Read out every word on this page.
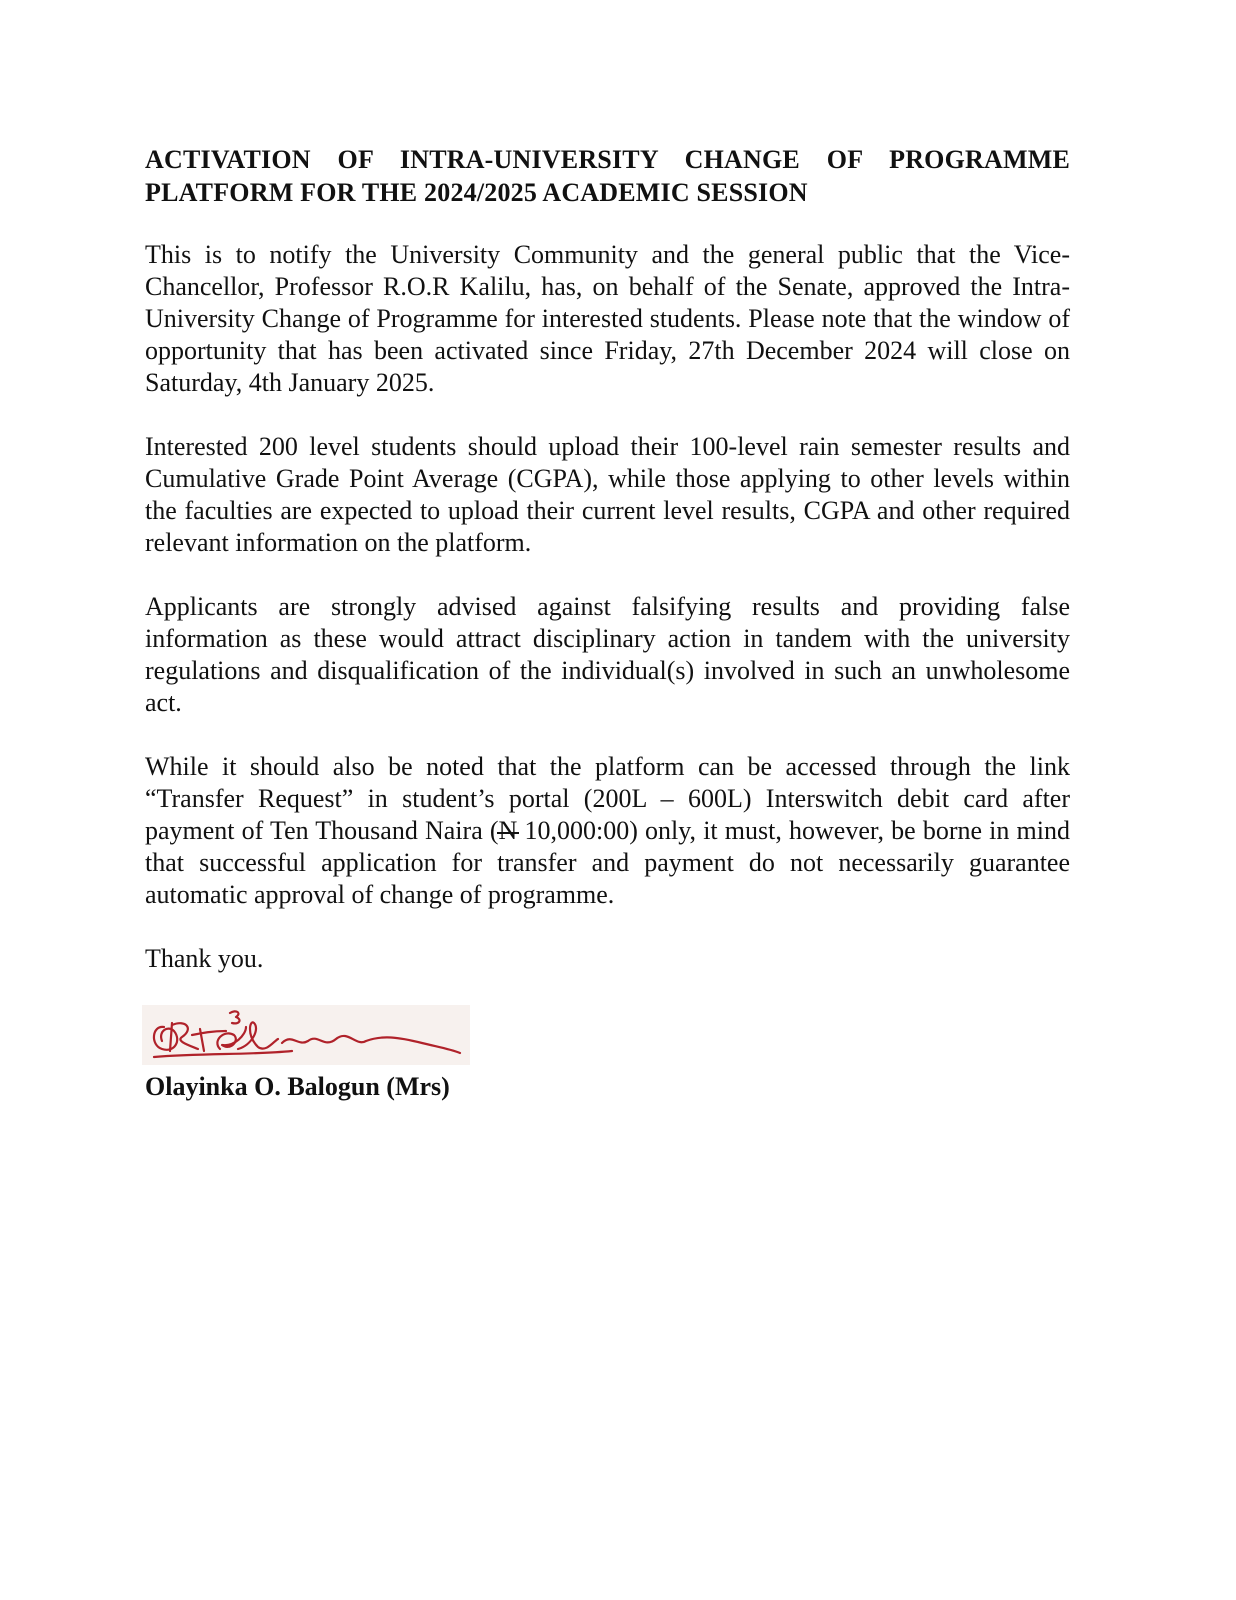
ACTIVATION OF INTRA-UNIVERSITY CHANGE OF PROGRAMME PLATFORM FOR THE 2024/2025 ACADEMIC SESSION
This is to notify the University Community and the general public that the Vice-Chancellor, Professor R.O.R Kalilu, has, on behalf of the Senate, approved the Intra-University Change of Programme for interested students. Please note that the window of opportunity that has been activated since Friday, 27th December 2024 will close on Saturday, 4th January 2025.
Interested 200 level students should upload their 100-level rain semester results and Cumulative Grade Point Average (CGPA), while those applying to other levels within the faculties are expected to upload their current level results, CGPA and other required relevant information on the platform.
Applicants are strongly advised against falsifying results and providing false information as these would attract disciplinary action in tandem with the university regulations and disqualification of the individual(s) involved in such an unwholesome act.
While it should also be noted that the platform can be accessed through the link “Transfer Request” in student’s portal (200L – 600L) Interswitch debit card after payment of Ten Thousand Naira (N 10,000:00) only, it must, however, be borne in mind that successful application for transfer and payment do not necessarily guarantee automatic approval of change of programme.
Thank you.
Olayinka O. Balogun (Mrs)
